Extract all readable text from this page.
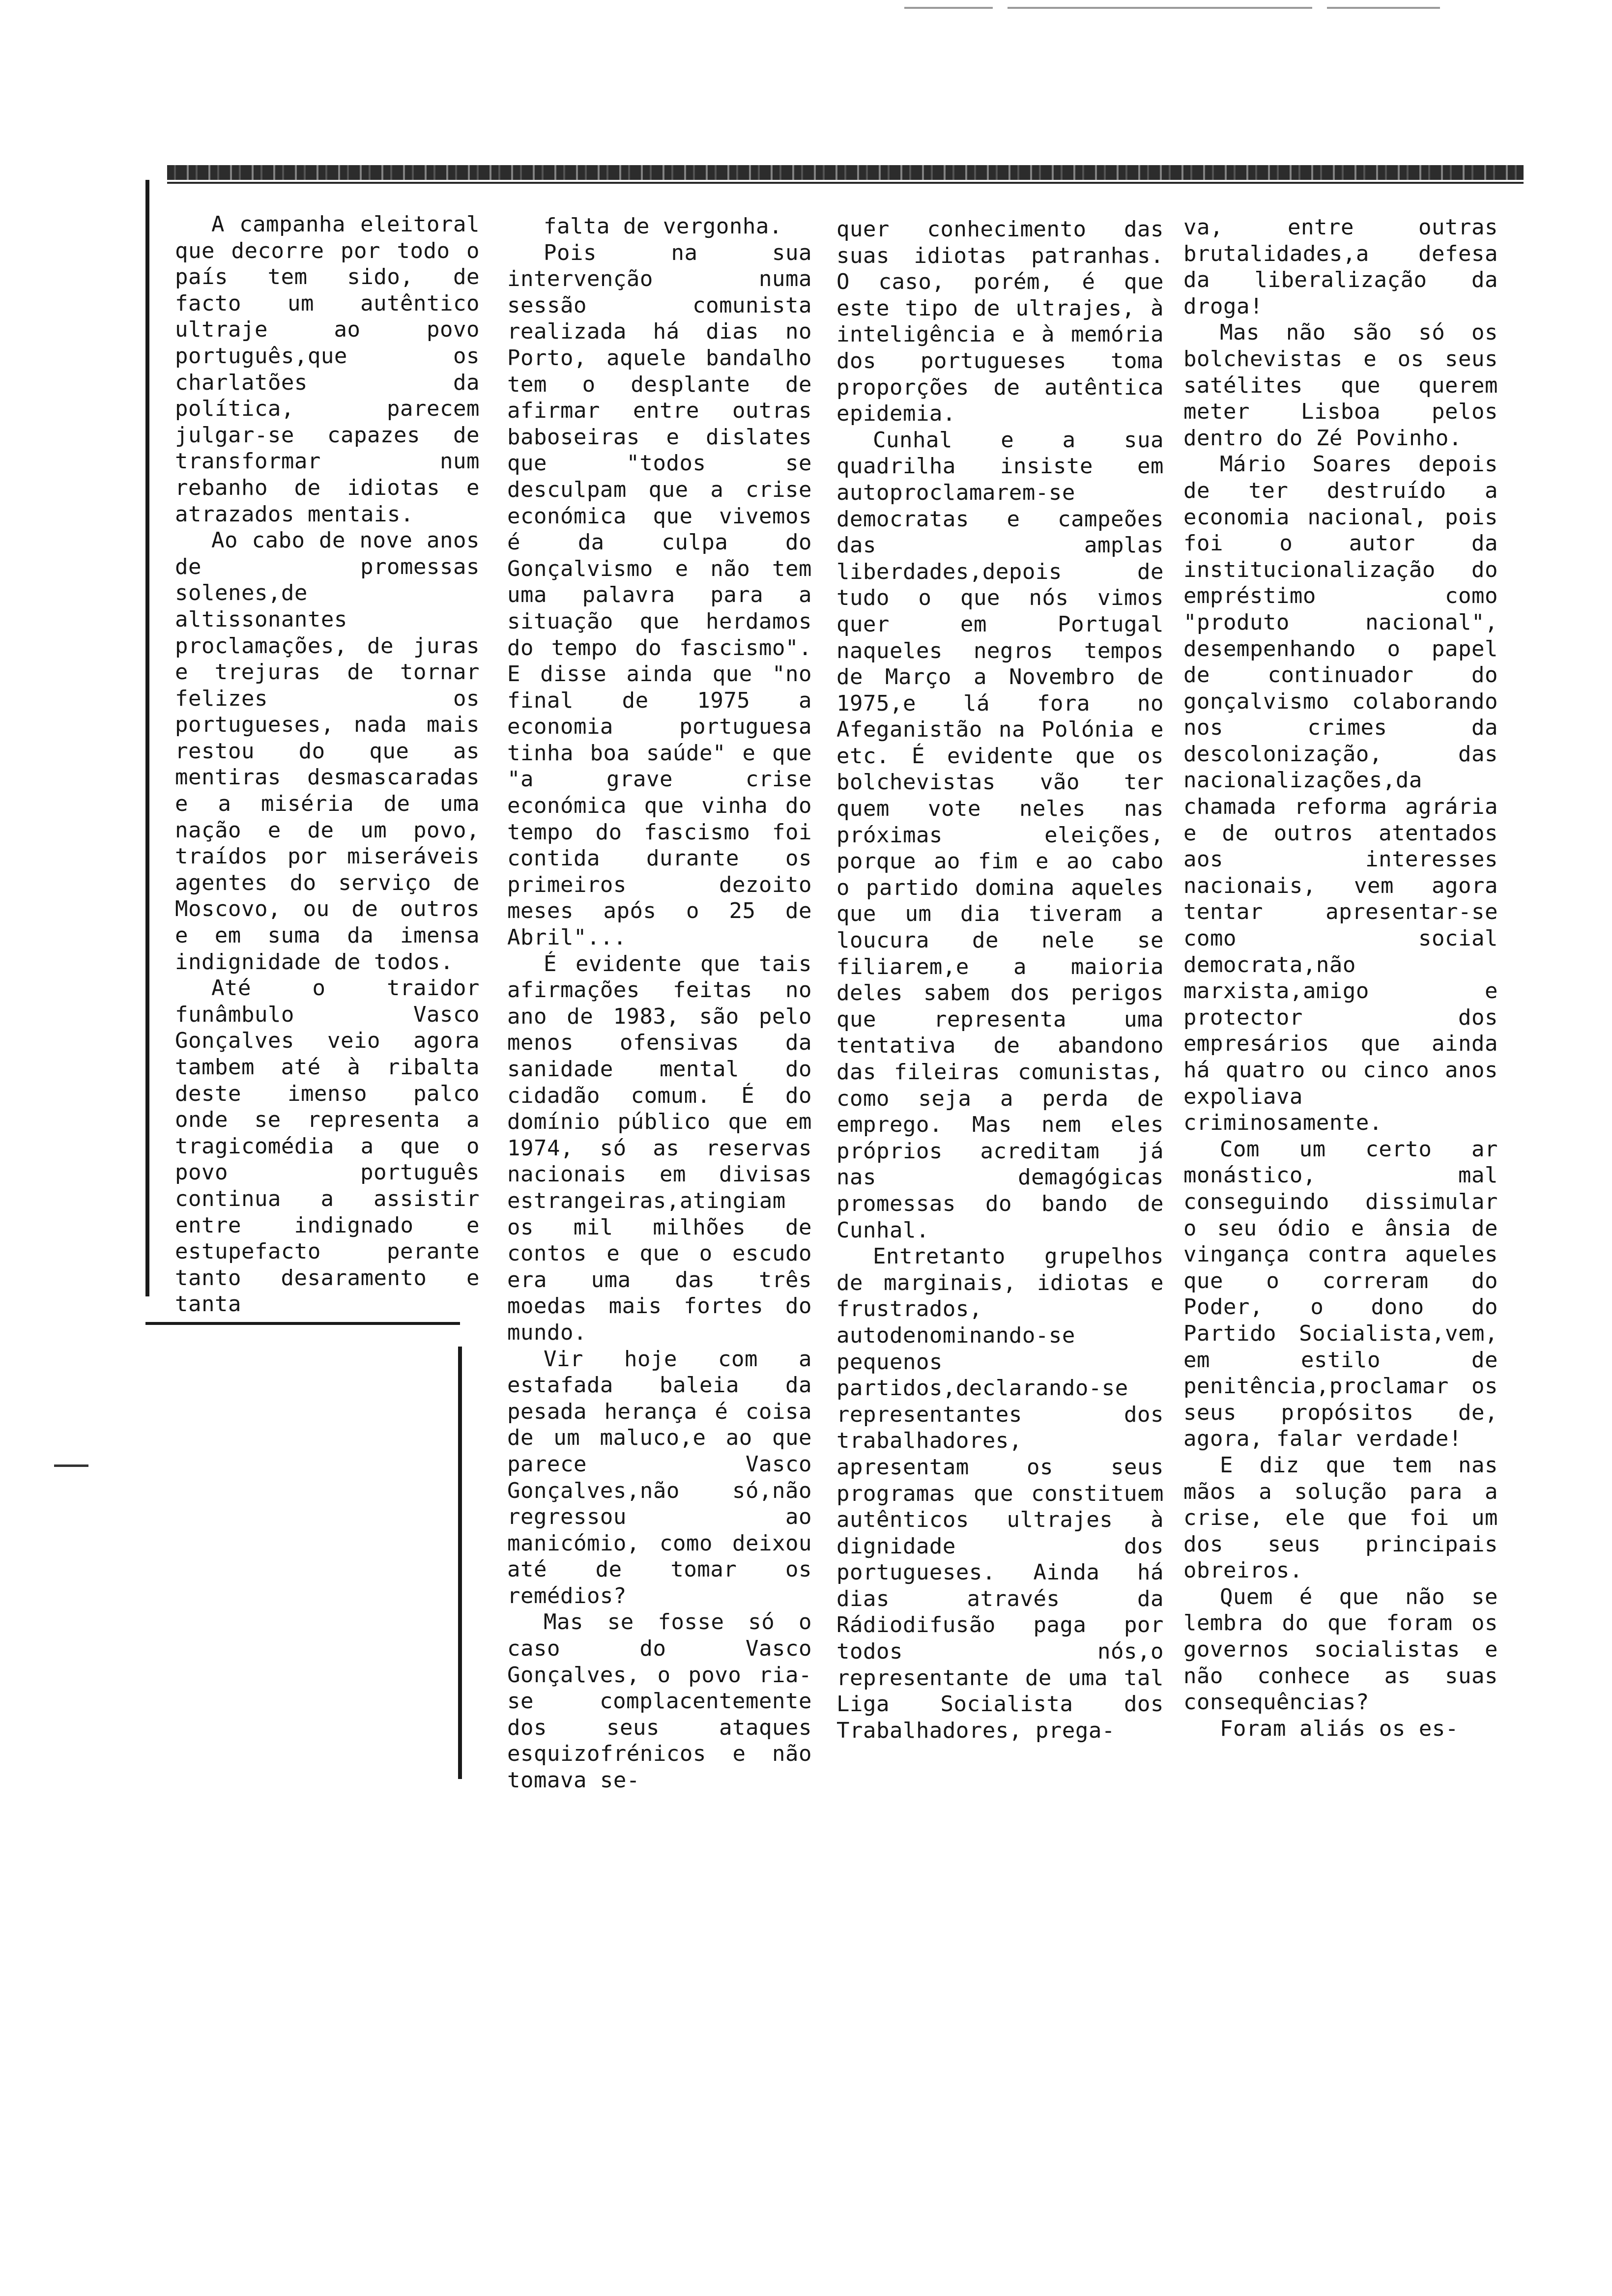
A campanha eleitoral que decorre por todo o país tem sido, de facto um autêntico ultraje ao povo português,que os charlatões da política, parecem julgar-se capazes de transformar num rebanho de idiotas e atrazados mentais.

Ao cabo de nove anos de promessas solenes,de altissonantes proclamações, de juras e trejuras de tornar felizes os portugueses, nada mais restou do que as mentiras desmascaradas e a miséria de uma nação e de um povo, traídos por miseráveis agentes do serviço de Moscovo, ou de outros e em suma da imensa indignidade de todos.

Até o traidor funâmbulo Vasco Gonçalves veio agora tambem até à ribalta deste imenso palco onde se representa a tragicomédia a que o povo português continua a assistir entre indignado e estupefacto perante tanto desaramento e tanta

falta de vergonha.

Pois na sua intervenção numa sessão comunista realizada há dias no Porto, aquele bandalho tem o desplante de afirmar entre outras baboseiras e dislates que "todos se desculpam que a crise económica que vivemos é da culpa do Gonçalvismo e não tem uma palavra para a situação que herdamos do tempo do fascismo". E disse ainda que "no final de 1975 a economia portuguesa tinha boa saúde" e que "a grave crise económica que vinha do tempo do fascismo foi contida durante os primeiros dezoito meses após o 25 de Abril"...

É evidente que tais afirmações feitas no ano de 1983, são pelo menos ofensivas da sanidade mental do cidadão comum. É do domínio público que em 1974, só as reservas nacionais em divisas estrangeiras,atingiam os mil milhões de contos e que o escudo era uma das três moedas mais fortes do mundo.

Vir hoje com a estafada baleia da pesada herança é coisa de um maluco,e ao que parece Vasco Gonçalves,não só,não regressou ao manicómio, como deixou até de tomar os remédios?

Mas se fosse só o caso do Vasco Gonçalves, o povo ria-se complacentemente dos seus ataques esquizofrénicos e não tomava se-

quer conhecimento das suas idiotas patranhas. O caso, porém, é que este tipo de ultrajes, à inteligência e à memória dos portugueses toma proporções de autêntica epidemia.

Cunhal e a sua quadrilha insiste em autoproclamarem-se democratas e campeões das amplas liberdades,depois de tudo o que nós vimos quer em Portugal naqueles negros tempos de Março a Novembro de 1975,e lá fora no Afeganistão na Polónia e etc. É evidente que os bolchevistas vão ter quem vote neles nas próximas eleições, porque ao fim e ao cabo o partido domina aqueles que um dia tiveram a loucura de nele se filiarem,e a maioria deles sabem dos perigos que representa uma tentativa de abandono das fileiras comunistas, como seja a perda de emprego. Mas nem eles próprios acreditam já nas demagógicas promessas do bando de Cunhal.

Entretanto grupelhos de marginais, idiotas e frustrados, autodenominando-se pequenos partidos,declarando-se representantes dos trabalhadores, apresentam os seus programas que constituem autênticos ultrajes à dignidade dos portugueses. Ainda há dias através da Rádiodifusão paga por todos nós,o representante de uma tal Liga Socialista dos Trabalhadores, prega-

va, entre outras brutalidades,a defesa da liberalização da droga!

Mas não são só os bolchevistas e os seus satélites que querem meter Lisboa pelos dentro do Zé Povinho.

Mário Soares depois de ter destruído a economia nacional, pois foi o autor da institucionalização do empréstimo como "produto nacional", desempenhando o papel de continuador do gonçalvismo colaborando nos crimes da descolonização, das nacionalizações,da chamada reforma agrária e de outros atentados aos interesses nacionais, vem agora tentar apresentar-se como social democrata,não marxista,amigo e protector dos empresários que ainda há quatro ou cinco anos expoliava criminosamente.

Com um certo ar monástico, mal conseguindo dissimular o seu ódio e ânsia de vingança contra aqueles que o correram do Poder, o dono do Partido Socialista,vem, em estilo de penitência,proclamar os seus propósitos de, agora, falar verdade!

E diz que tem nas mãos a solução para a crise, ele que foi um dos seus principais obreiros.

Quem é que não se lembra do que foram os governos socialistas e não conhece as suas consequências?

Foram aliás os es-
